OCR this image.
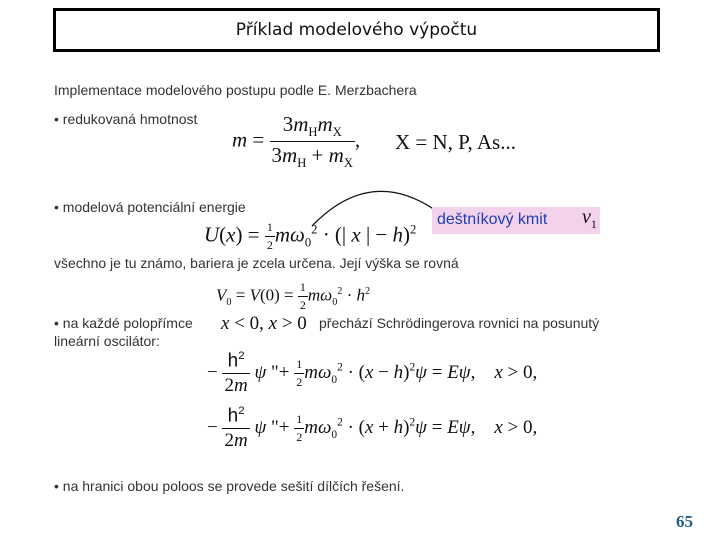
Příklad modelového výpočtu
Implementace modelového postupu podle E. Merzbachera
• redukovaná hmotnost
$m = \frac{3m_Hm_X}{3m_H + m_X}$ , X = N, P, As...
• modelová potenciální energie
deštníkový kmit $\nu_1$
$U(x) = \frac{1}{2} m\omega_0^2$ · (| x | − h)$^2$
všechno je tu známo, bariera je zcela určena. Její výška se rovná
$V_0 = V(0) = \frac{1}{2} m\omega_0^2 \cdot h^2$
• na každé polopřímce x < 0, x > 0 přechází Schrödingerova rovnici na posunutý
lineární oscilátor:
− $\frac{h^2}{2m}$ ψ "+ $\frac{1}{2} m\omega_0^2 \cdot (x - h)^2\psi = E\psi$,    x > 0,
− $\frac{h^2}{2m}$ ψ "+ $\frac{1}{2} m\omega_0^2 \cdot (x + h)^2\psi = E\psi$,    x > 0,
• na hranici obou poloos se provede sešití dílčích řešení.
65
